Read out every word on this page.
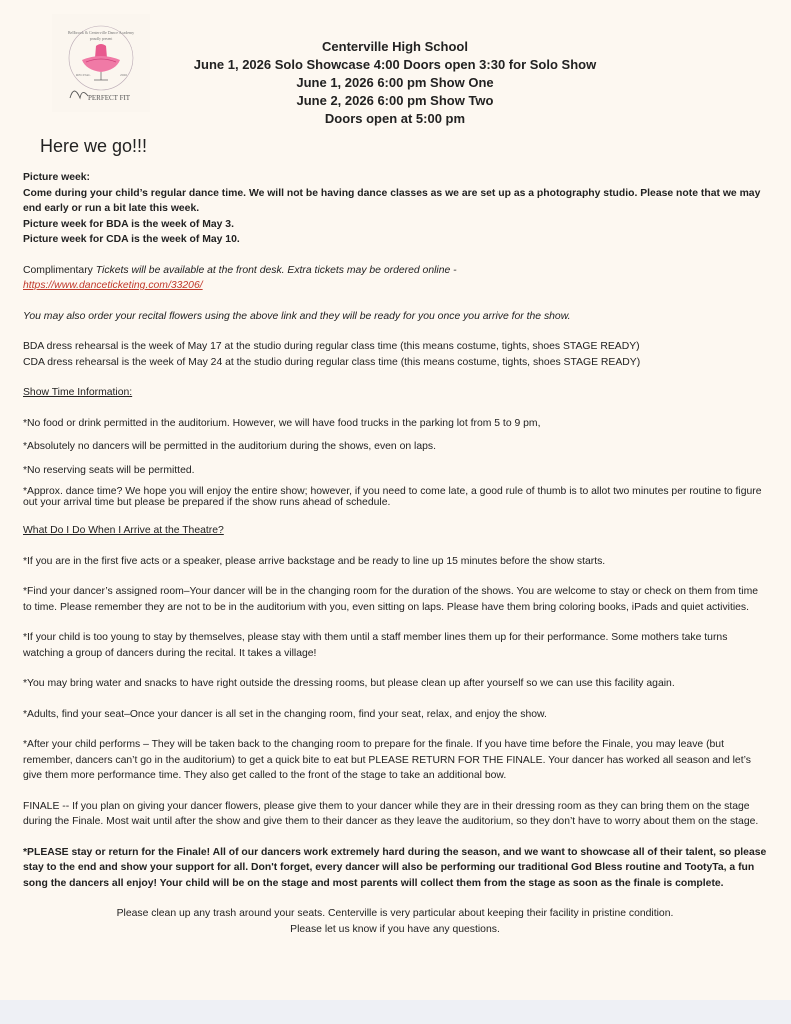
Bellbrook & Centerville Dance Academy
proudly present
RECITAL	2026
PERFECT FIT
Centerville High School
June 1, 2026 Solo Showcase 4:00 Doors open 3:30 for Solo Show
June 1, 2026 6:00 pm Show One
June 2, 2026 6:00 pm Show Two
Doors open at 5:00 pm
Here we go!!!

Picture week:

Come during your child’s regular dance time. We will not be having dance classes as we are set up as a photography studio. Please note that we may end early or run a bit late this week.

Picture week for BDA is the week of May 3.

Picture week for CDA is the week of May 10.

Complimentary Tickets will be available at the front desk. Extra tickets may be ordered online -

https://www.danceticketing.com/33206/

You may also order your recital flowers using the above link and they will be ready for you once you arrive for the show.

BDA dress rehearsal is the week of May 17 at the studio during regular class time (this means costume, tights, shoes STAGE READY)

CDA dress rehearsal is the week of May 24 at the studio during regular class time (this means costume, tights, shoes STAGE READY)

Show Time Information:

*No food or drink permitted in the auditorium. However, we will have food trucks in the parking lot from 5 to 9 pm,

*Absolutely no dancers will be permitted in the auditorium during the shows, even on laps.

*No reserving seats will be permitted.

*Approx. dance time? We hope you will enjoy the entire show; however, if you need to come late, a good rule of thumb is to allot two minutes per routine to figure out your arrival time but please be prepared if the show runs ahead of schedule.

What Do I Do When I Arrive at the Theatre?

*If you are in the first five acts or a speaker, please arrive backstage and be ready to line up 15 minutes before the show starts.

*Find your dancer’s assigned room–Your dancer will be in the changing room for the duration of the shows. You are welcome to stay or check on them from time to time. Please remember they are not to be in the auditorium with you, even sitting on laps. Please have them bring coloring books, iPads and quiet activities.

*If your child is too young to stay by themselves, please stay with them until a staff member lines them up for their performance. Some mothers take turns watching a group of dancers during the recital. It takes a village!

*You may bring water and snacks to have right outside the dressing rooms, but please clean up after yourself so we can use this facility again.

*Adults, find your seat–Once your dancer is all set in the changing room, find your seat, relax, and enjoy the show.

*After your child performs – They will be taken back to the changing room to prepare for the finale. If you have time before the Finale, you may leave (but remember, dancers can’t go in the auditorium) to get a quick bite to eat but PLEASE RETURN FOR THE FINALE. Your dancer has worked all season and let’s give them more performance time. They also get called to the front of the stage to take an additional bow.

FINALE -- If you plan on giving your dancer flowers, please give them to your dancer while they are in their dressing room as they can bring them on the stage during the Finale. Most wait until after the show and give them to their dancer as they leave the auditorium, so they don’t have to worry about them on the stage.

*PLEASE stay or return for the Finale! All of our dancers work extremely hard during the season, and we want to showcase all of their talent, so please stay to the end and show your support for all. Don't forget, every dancer will also be performing our traditional God Bless routine and TootyTa, a fun song the dancers all enjoy! Your child will be on the stage and most parents will collect them from the stage as soon as the finale is complete.

Please clean up any trash around your seats. Centerville is very particular about keeping their facility in pristine condition.

Please let us know if you have any questions.
